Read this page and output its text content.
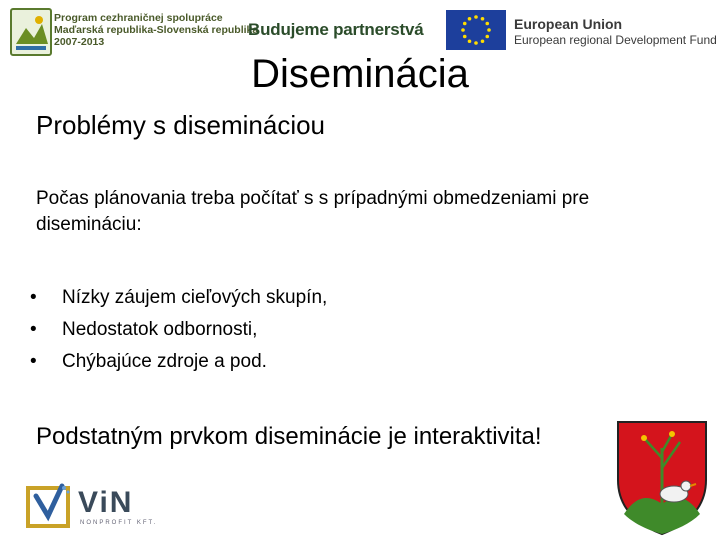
Program cezhraničnej spolupráce
Maďarská republika-Slovenská republika
2007-2013
Budujeme partnerstvá	European Union
European regional Development Fund
Diseminácia
Problémy s disemináciou
Počas plánovania treba počítať s s prípadnými obmedzeniami pre disemináciu:
• Nízky záujem cieľových skupín,
• Nedostatok odbornosti,
• Chýbajúce zdroje a pod.
Podstatným prvkom diseminácie je interaktivita!
ViN
NONPROFIT KFT.
